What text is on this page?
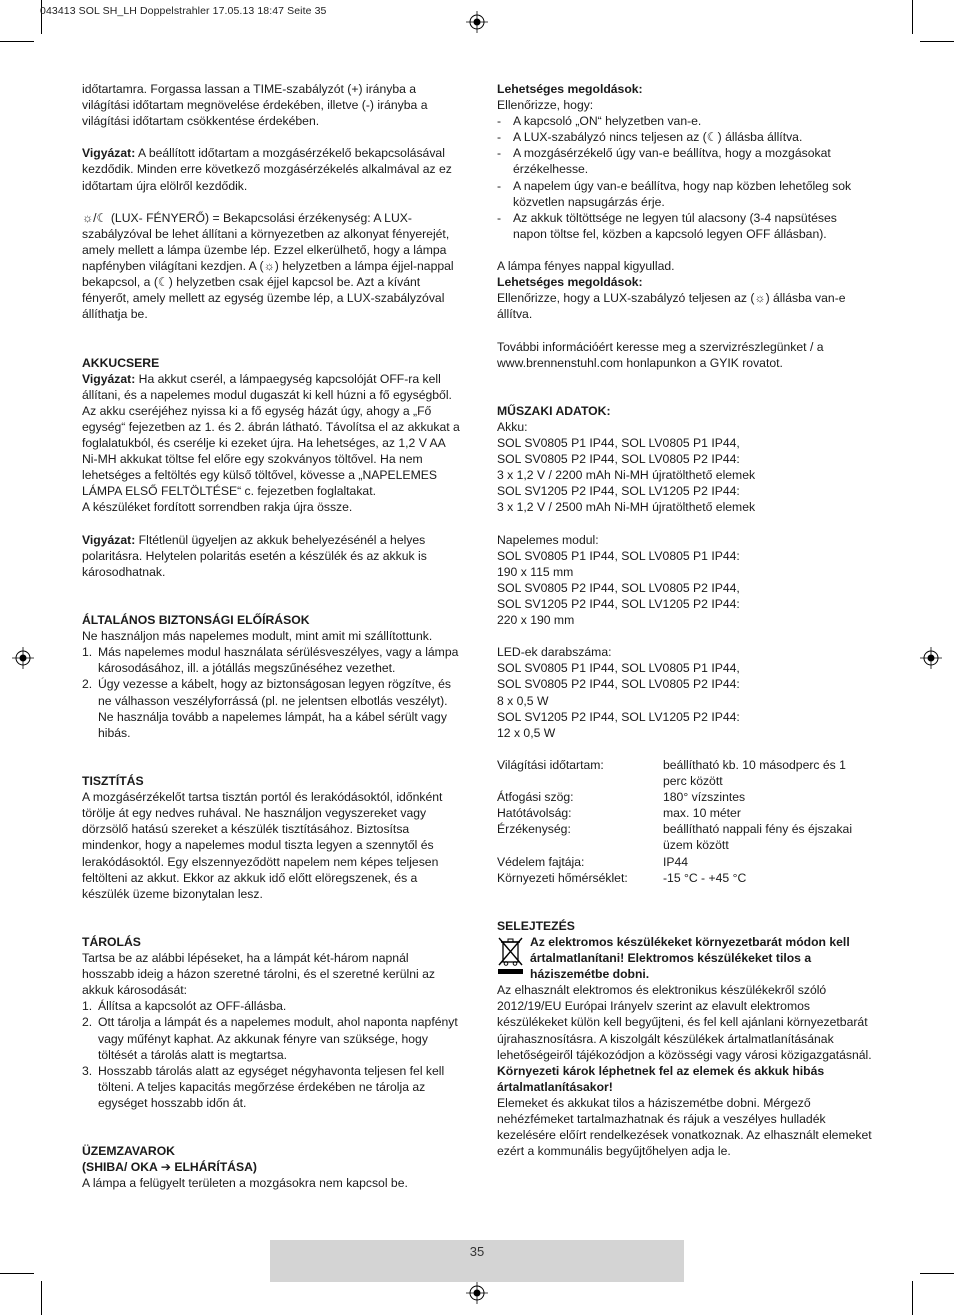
043413 SOL SH_LH Doppelstrahler 17.05.13 18:47 Seite 35

időtartamra. Forgassa lassan a TIME-szabályzót (+) irányba a világítási időtartam megnövelése érdekében, illetve (-) irányba a világítási időtartam csökkentése érdekében.

Vigyázat: A beállított időtartam a mozgásérzékelő bekapcsolásával kezdődik. Minden erre következő mozgásérzékelés alkalmával az ez időtartam újra elölről kezdődik.

☼/☾ (LUX- FÉNYERŐ) = Bekapcsolási érzékenység: A LUX-szabályzóval be lehet állítani a környezetben az alkonyat fényerejét, amely mellett a lámpa üzembe lép. Ezzel elkerülhető, hogy a lámpa napfényben világítani kezdjen. A (☼) helyzetben a lámpa éjjel-nappal bekapcsol, a (☾) helyzetben csak éjjel kapcsol be. Azt a kívánt fényerőt, amely mellett az egység üzembe lép, a LUX-szabályzóval állíthatja be.

AKKUCSERE

Vigyázat: Ha akkut cserél, a lámpaegység kapcsolóját OFF-ra kell állítani, és a napelemes modul dugaszát ki kell húzni a fő egységből. Az akku cseréjéhez nyissa ki a fő egység házát úgy, ahogy a „Fő egység“ fejezetben az 1. és 2. ábrán látható. Távolítsa el az akkukat a foglalatukból, és cserélje ki ezeket újra. Ha lehetséges, az 1,2 V AA Ni-MH akkukat töltse fel előre egy szokványos töltővel. Ha nem lehetséges a feltöltés egy külső töltővel, kövesse a „NAPELEMES LÁMPA ELSŐ FELTÖLTÉSE“ c. fejezetben foglaltakat.

A készüléket fordított sorrendben rakja újra össze.

Vigyázat: Fltétlenül ügyeljen az akkuk behelyezésénél a helyes polaritásra. Helytelen polaritás esetén a készülék és az akkuk is károsodhatnak.

ÁLTALÁNOS BIZTONSÁGI ELŐÍRÁSOK

Ne használjon más napelemes modult, mint amit mi szállítottunk.

1. Más napelemes modul használata sérülésveszélyes, vagy a lámpa károsodásához, ill. a jótállás megszűnéséhez vezethet.
2. Úgy vezesse a kábelt, hogy az biztonságosan legyen rögzítve, és ne válhasson veszélyforrássá (pl. ne jelentsen elbotlás veszélyt). Ne használja tovább a napelemes lámpát, ha a kábel sérült vagy hibás.

TISZTÍTÁS

A mozgásérzékelőt tartsa tisztán portól és lerakódásoktól, időnként törölje át egy nedves ruhával. Ne használjon vegyszereket vagy dörzsölő hatású szereket a készülék tisztításához. Biztosítsa mindenkor, hogy a napelemes modul tiszta legyen a szennytől és lerakódásoktól. Egy elszennyeződött napelem nem képes teljesen feltölteni az akkut. Ekkor az akkuk idő előtt elöregszenek, és a készülék üzeme bizonytalan lesz.

TÁROLÁS

Tartsa be az alábbi lépéseket, ha a lámpát két-három napnál hosszabb ideig a házon szeretné tárolni, és el szeretné kerülni az akkuk károsodását:

1. Állítsa a kapcsolót az OFF-állásba.
2. Ott tárolja a lámpát és a napelemes modult, ahol naponta napfényt vagy műfényt kaphat. Az akkunak fényre van szüksége, hogy töltését a tárolás alatt is megtartsa.
3. Hosszabb tárolás alatt az egységet négyhavonta teljesen fel kell tölteni. A teljes kapacitás megőrzése érdekében ne tárolja az egységet hosszabb időn át.

ÜZEMZAVAROK

(SHIBA/ OKA ➔ ELHÁRÍTÁSA)

A lámpa a felügyelt területen a mozgásokra nem kapcsol be.

Lehetséges megoldások:

Ellenőrizze, hogy:

- A kapcsoló „ON“ helyzetben van-e.
- A LUX-szabályzó nincs teljesen az (☾) állásba állítva.
- A mozgásérzékelő úgy van-e beállítva, hogy a mozgásokat érzékelhesse.
- A napelem úgy van-e beállítva, hogy nap közben lehetőleg sok közvetlen napsugárzás érje.
- Az akkuk töltöttsége ne legyen túl alacsony (3-4 napsütéses napon töltse fel, közben a kapcsoló legyen OFF állásban).

A lámpa fényes nappal kigyullad.

Lehetséges megoldások:

Ellenőrizze, hogy a LUX-szabályzó teljesen az (☼) állásba van-e állítva.

További információért keresse meg a szervizrészlegünket / a www.brennenstuhl.com honlapunkon a GYIK rovatot.

MŰSZAKI ADATOK:

Akku:

SOL SV0805 P1 IP44, SOL LV0805 P1 IP44,

SOL SV0805 P2 IP44, SOL LV0805 P2 IP44:

3 x 1,2 V / 2200 mAh Ni-MH újratölthető elemek

SOL SV1205 P2 IP44, SOL LV1205 P2 IP44:

3 x 1,2 V / 2500 mAh Ni-MH újratölthető elemek

Napelemes modul:

SOL SV0805 P1 IP44, SOL LV0805 P1 IP44:

190 x 115 mm

SOL SV0805 P2 IP44, SOL LV0805 P2 IP44,

SOL SV1205 P2 IP44, SOL LV1205 P2 IP44:

220 x 190 mm

LED-ek darabszáma:

SOL SV0805 P1 IP44, SOL LV0805 P1 IP44,

SOL SV0805 P2 IP44, SOL LV0805 P2 IP44:

8 x 0,5 W

SOL SV1205 P2 IP44, SOL LV1205 P2 IP44:

12 x 0,5 W

Világítási időtartam:	beállítható kb. 10 másodperc és 1 perc között
Átfogási szög:	180° vízszintes
Hatótávolság:	max. 10 méter
Érzékenység:	beállítható nappali fény és éjszakai üzem között
Védelem fajtája:	IP44
Környezeti hőmérséklet:	-15 °C - +45 °C

SELEJTEZÉS

Az elektromos készülékeket környezetbarát módon kell ártalmatlanítani! Elektromos készülékeket tilos a háziszemétbe dobni.

Az elhasznált elektromos és elektronikus készülékekről szóló 2012/19/EU Európai Irányelv szerint az elavult elektromos készülékeket külön kell begyűjteni, és fel kell ajánlani környezetbarát újrahasznosításra. A kiszolgált készülékek ártalmatlanításának lehetőségeiről tájékozódjon a közösségi vagy városi közigazgatásnál.

Környezeti károk léphetnek fel az elemek és akkuk hibás ártalmatlanításakor!

Elemeket és akkukat tilos a háziszemétbe dobni. Mérgező nehézfémeket tartalmazhatnak és rájuk a veszélyes hulladék kezelésére előírt rendelkezések vonatkoznak. Az elhasznált elemeket ezért a kommunális begyűjtőhelyen adja le.

35
